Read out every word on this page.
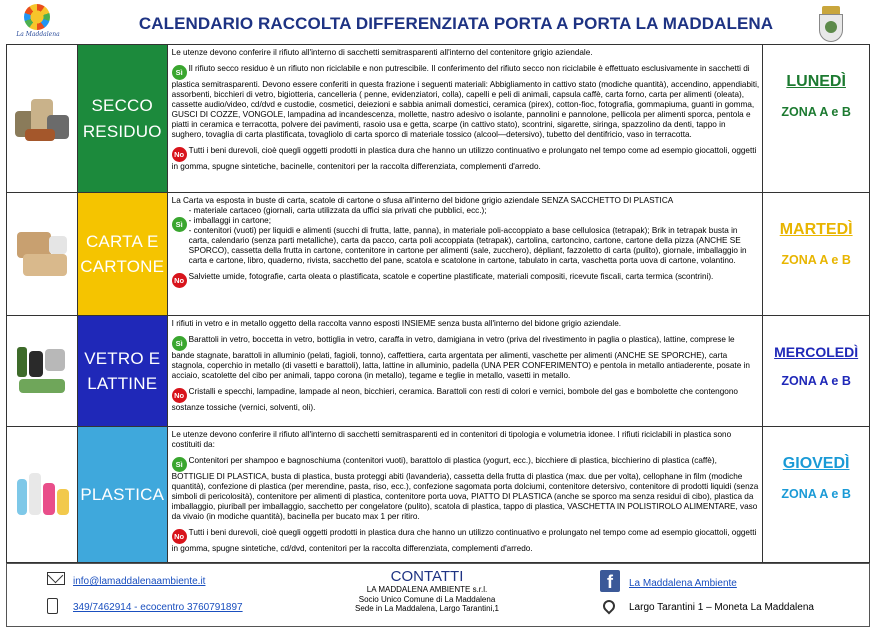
La Maddalena
CALENDARIO RACCOLTA DIFFERENZIATA PORTA A PORTA LA MADDALENA
SECCO
RESIDUO
Le utenze devono conferire il rifiuto all'interno di sacchetti semitrasparenti all'interno del contenitore grigio aziendale.
Sì Il rifiuto secco residuo è un rifiuto non riciclabile e non putrescibile. Il conferimento del rifiuto secco non riciclabile è effettuato esclusivamente in sacchetti di plastica semitrasparenti. Devono essere conferiti in questa frazione i seguenti materiali: Abbigliamento in cattivo stato (modiche quantità), accendino, appendiabiti, assorbenti, bicchieri di vetro, bigiotteria, cancelleria ( penne, evidenziatori, colla), capelli e peli di animali, capsula caffè, carta forno, carta per alimenti (oleata), cassette audio/video, cd/dvd e custodie, cosmetici, deiezioni e sabbia animali domestici, ceramica (pirex), cotton-fioc, fotografia, gommapiuma, guanti in gomma, GUSCI DI COZZE, VONGOLE, lampadina ad incandescenza, mollette, nastro adesivo o isolante, pannolini e pannolone, pellicola per alimenti sporca, pentola e piatti in ceramica e terracotta, polvere dei pavimenti, rasoio usa e getta, scarpe (in cattivo stato), scontrini, sigarette, siringa, spazzolino da denti, tappo in sughero, tovaglia di carta plastificata, tovagliolo di carta sporco di materiale tossico (alcool—detersivo), tubetto del dentifricio, vaso in terracotta.
No Tutti i beni durevoli, cioè quegli oggetti prodotti in plastica dura che hanno un utilizzo continuativo e prolungato nel tempo come ad esempio giocattoli, oggetti in gomma, spugne sintetiche, bacinelle, contenitori per la raccolta differenziata, complementi d'arredo.
LUNEDÌ
ZONA A e B
CARTA E
CARTONE
La Carta va esposta in buste di carta, scatole di cartone o sfusa all'interno del bidone grigio aziendale SENZA SACCHETTO DI PLASTICA
Sì
- materiale cartaceo (giornali, carta utilizzata da uffici sia privati che pubblici, ecc.);
- imballaggi in cartone;
- contenitori (vuoti) per liquidi e alimenti (succhi di frutta, latte, panna), in materiale poli-accoppiato a base cellulosica (tetrapak); Brik in tetrapak busta in carta, calendario (senza parti metalliche), carta da pacco, carta poli accoppiata (tetrapak), cartolina, cartoncino, cartone, cartone della pizza (ANCHE SE SPORCO), cassetta della frutta in cartone, contenitore in cartone per alimenti (sale, zucchero), dépliant, fazzoletto di carta (pulito), giornale, imballaggio in carta e cartone, libro, quaderno, rivista, sacchetto del pane, scatola e scatolone in cartone, tabulato in carta, vaschetta porta uova di cartone, volantino.
No Salviette umide, fotografie, carta oleata o plastificata, scatole e copertine plastificate, materiali compositi, ricevute fiscali, carta termica (scontrini).
MARTEDÌ
ZONA A e B
VETRO E
LATTINE
I rifiuti in vetro e in metallo oggetto della raccolta vanno esposti INSIEME senza busta all'interno del bidone grigio aziendale.
Sì Barattoli in vetro, boccetta in vetro, bottiglia in vetro, caraffa in vetro, damigiana in vetro (priva del rivestimento in paglia o plastica), lattine, comprese le bande stagnate, barattoli in alluminio (pelati, fagioli, tonno), caffettiera, carta argentata per alimenti, vaschette per alimenti (ANCHE SE SPORCHE), carta stagnola, coperchio in metallo (di vasetti e barattoli), latta, lattine in alluminio, padella (UNA PER CONFERIMENTO) e pentola in metallo antiaderente, posate in acciaio, scatolette del cibo per animali, tappo corona (in metallo), tegame e teglie in metallo, vasetti in metallo.
No Cristalli e specchi, lampadine, lampade al neon, bicchieri, ceramica. Barattoli con resti di colori e vernici, bombole del gas e bombolette che contengono sostanze tossiche (vernici, solventi, oli).
MERCOLEDÌ
ZONA A e B
PLASTICA
Le utenze devono conferire il rifiuto all'interno di sacchetti semitrasparenti ed in contenitori di tipologia e volumetria idonee. I rifiuti riciclabili in plastica sono costituiti da:
Sì Contenitori per shampoo e bagnoschiuma (contenitori vuoti), barattolo di plastica (yogurt, ecc.), bicchiere di plastica, bicchierino di plastica (caffè), BOTTIGLIE DI PLASTICA, busta di plastica, busta proteggi abiti (lavanderia), cassetta della frutta di plastica (max. due per volta), cellophane in film (modiche quantità), confezione di plastica (per merendine, pasta, riso, ecc.), confezione sagomata porta dolciumi, contenitore detersivo, contenitore di prodotti liquidi (senza simboli di pericolosità), contenitore per alimenti di plastica, contenitore porta uova, PIATTO DI PLASTICA (anche se sporco ma senza residui di cibo), plastica da imballaggio, piuriball per imballaggio, sacchetto per congelatore (pulito), scatola di plastica, tappo di plastica, VASCHETTA IN POLISTIROLO ALIMENTARE, vaso da vivaio (in modiche quantità), bacinella per bucato max 1 per ritiro.
No Tutti i beni durevoli, cioè quegli oggetti prodotti in plastica dura che hanno un utilizzo continuativo e prolungato nel tempo come ad esempio giocattoli, oggetti in gomma, spugne sintetiche, cd/dvd, contenitori per la raccolta differenziata, complementi d'arredo.
GIOVEDÌ
ZONA A e B
info@lamaddalenaambiente.it
349/7462914 - ecocentro 3760791897
CONTATTI
LA MADDALENA AMBIENTE s.r.l.
Socio Unico Comune di La Maddalena
Sede in La Maddalena, Largo Tarantini,1
f	La Maddalena Ambiente
Largo Tarantini 1 – Moneta La Maddalena
